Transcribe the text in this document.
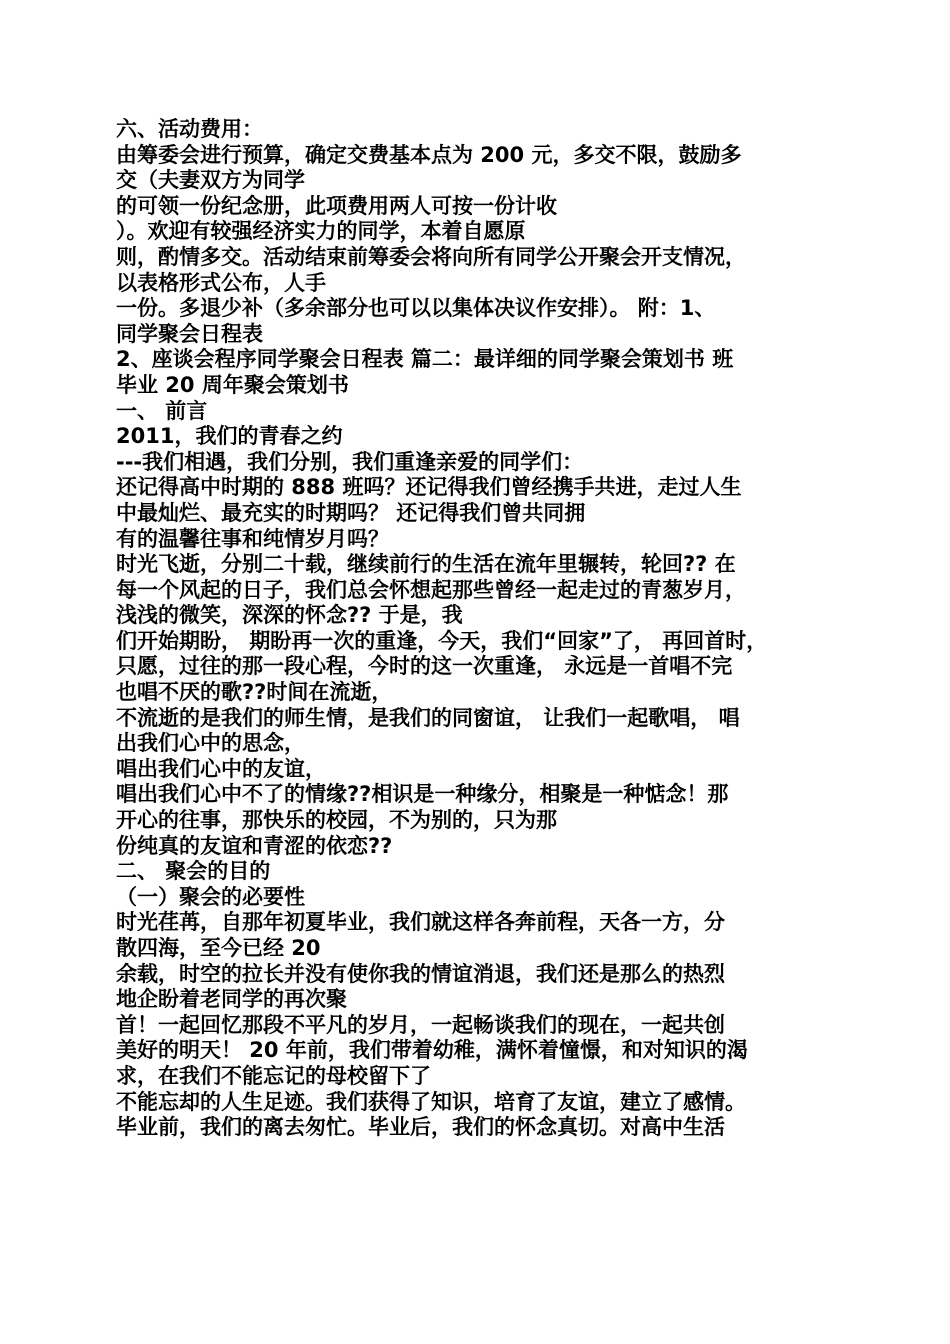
六、活动费用：
由筹委会进行预算，确定交费基本点为 200 元，多交不限，鼓励多
交（夫妻双方为同学
的可领一份纪念册，此项费用两人可按一份计收
）。欢迎有较强经济实力的同学，本着自愿原
则，酌情多交。活动结束前筹委会将向所有同学公开聚会开支情况，
以表格形式公布，人手
一份。多退少补（多余部分也可以以集体决议作安排）。 附：1、
同学聚会日程表
2、座谈会程序同学聚会日程表 篇二：最详细的同学聚会策划书 班
毕业 20 周年聚会策划书
一、 前言
2011，我们的青春之约
---我们相遇，我们分别，我们重逢亲爱的同学们：
还记得高中时期的 888 班吗？还记得我们曾经携手共进，走过人生
中最灿烂、最充实的时期吗？ 还记得我们曾共同拥
有的温馨往事和纯情岁月吗？
时光飞逝，分别二十载，继续前行的生活在流年里辗转，轮回?? 在
每一个风起的日子，我们总会怀想起那些曾经一起走过的青葱岁月，
浅浅的微笑，深深的怀念?? 于是，我
们开始期盼， 期盼再一次的重逢，今天，我们“回家”了， 再回首时，
只愿，过往的那一段心程，今时的这一次重逢， 永远是一首唱不完
也唱不厌的歌??时间在流逝，
不流逝的是我们的师生情，是我们的同窗谊， 让我们一起歌唱， 唱
出我们心中的思念，
唱出我们心中的友谊，
唱出我们心中不了的情缘??相识是一种缘分，相聚是一种惦念！那
开心的往事，那快乐的校园，不为别的，只为那
份纯真的友谊和青涩的依恋??
二、 聚会的目的
（一）聚会的必要性
时光荏苒，自那年初夏毕业，我们就这样各奔前程，天各一方，分
散四海，至今已经 20
余载，时空的拉长并没有使你我的情谊消退，我们还是那么的热烈
地企盼着老同学的再次聚
首！一起回忆那段不平凡的岁月，一起畅谈我们的现在，一起共创
美好的明天！ 20 年前，我们带着幼稚，满怀着憧憬，和对知识的渴
求，在我们不能忘记的母校留下了
不能忘却的人生足迹。我们获得了知识，培育了友谊，建立了感情。
毕业前，我们的离去匆忙。毕业后，我们的怀念真切。对高中生活
